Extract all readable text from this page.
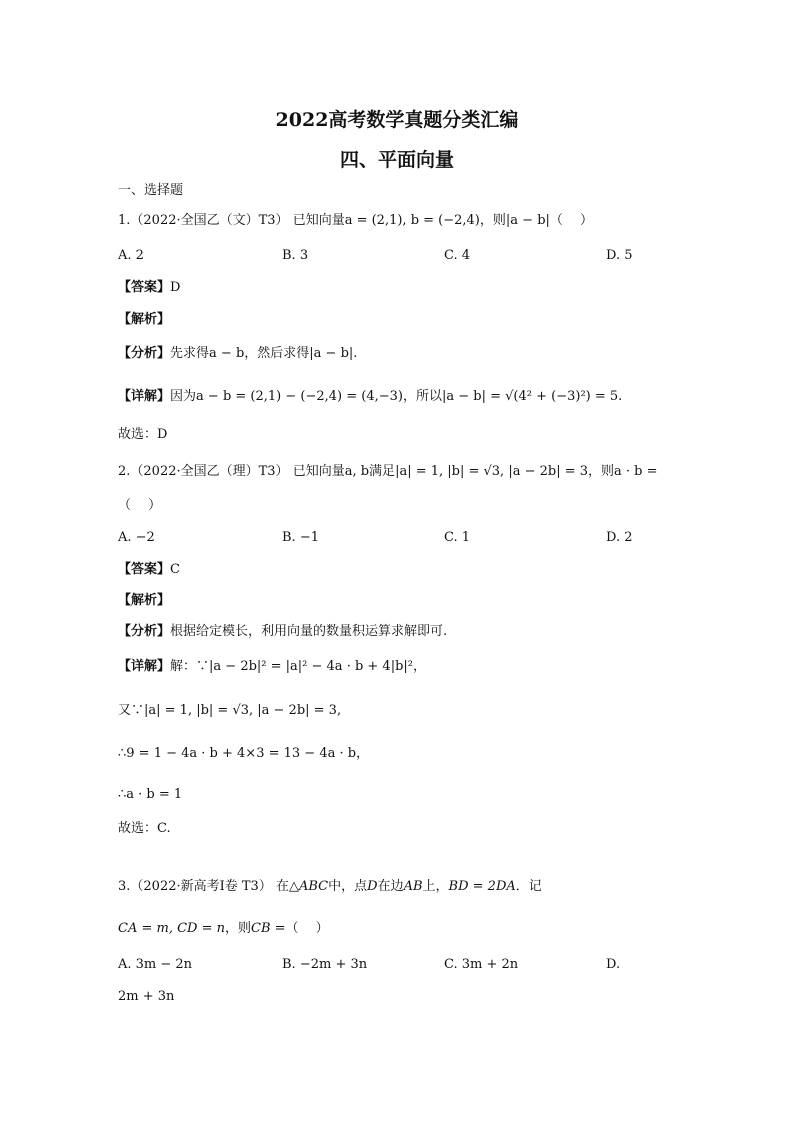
2022高考数学真题分类汇编
四、平面向量
一、选择题
1.（2022·全国乙（文）T3） 已知向量a = (2,1), b = (−2,4)，则|a − b|（　 ）
A. 2	B. 3	C. 4	D. 5
【答案】D
【解析】
【分析】先求得a − b，然后求得|a − b|.
【详解】因为a − b = (2,1) − (−2,4) = (4,−3)，所以|a − b| = √(4² + (−3)²) = 5.
故选：D
2.（2022·全国乙（理）T3） 已知向量a, b满足|a| = 1, |b| = √3, |a − 2b| = 3，则a · b =
（　 ）
A. −2	B. −1	C. 1	D. 2
【答案】C
【解析】
【分析】根据给定模长，利用向量的数量积运算求解即可.
【详解】解：∵|a − 2b|² = |a|² − 4a · b + 4|b|²，
又∵|a| = 1, |b| = √3, |a − 2b| = 3,
∴9 = 1 − 4a · b + 4×3 = 13 − 4a · b，
∴a · b = 1
故选：C.
3.（2022·新高考Ⅰ卷 T3） 在△ABC中，点D在边AB上，BD = 2DA．记
CA = m, CD = n，则CB =（　 ）
A. 3m − 2n	B. −2m + 3n	C. 3m + 2n	D.
2m + 3n
